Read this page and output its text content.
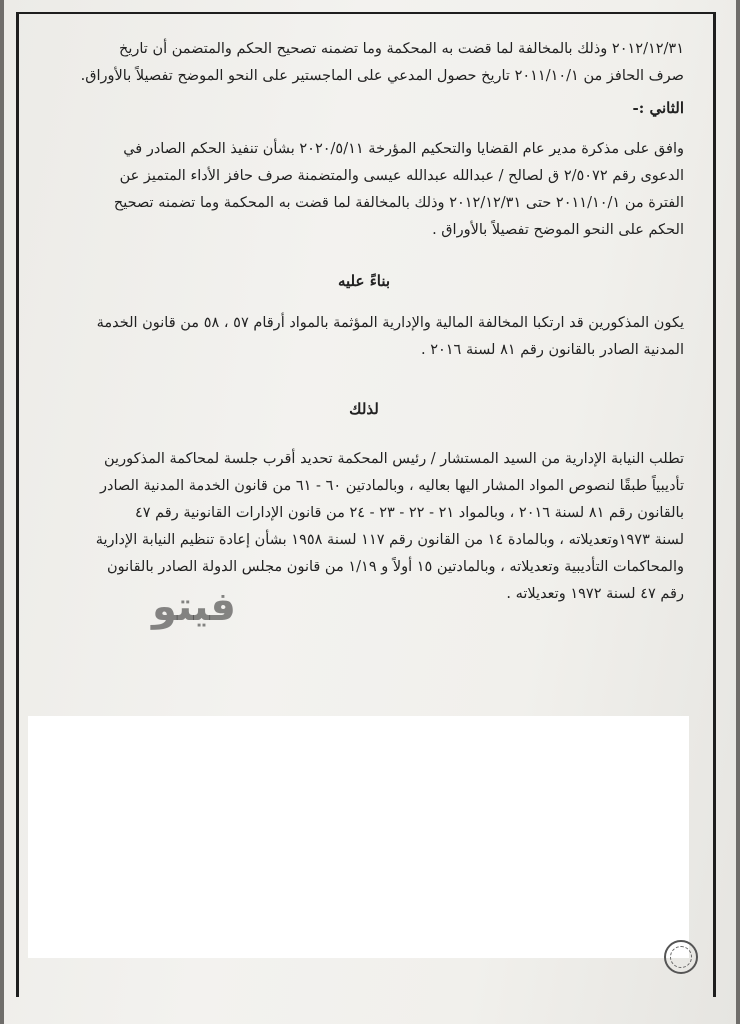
٢٠١٢/١٢/٣١ وذلك بالمخالفة لما قضت به المحكمة وما تضمنه تصحيح الحكم والمتضمن أن تاريخ
صرف الحافز من ٢٠١١/١٠/١ تاريخ حصول المدعي على الماجستير على النحو الموضح تفصيلاً بالأوراق.
الثاني :-
وافق على مذكرة مدير عام القضايا والتحكيم المؤرخة ٢٠٢٠/٥/١١ بشأن تنفيذ الحكم الصادر في
الدعوى رقم ٢/٥٠٧٢ ق لصالح / عبدالله عبدالله عيسى والمتضمنة صرف حافز الأداء المتميز عن
الفترة من ٢٠١١/١٠/١ حتى ٢٠١٢/١٢/٣١ وذلك بالمخالفة لما قضت به المحكمة وما تضمنه تصحيح
الحكم على النحو الموضح تفصيلاً بالأوراق .
بناءً عليه
يكون المذكورين قد ارتكبا المخالفة المالية والإدارية المؤثمة بالمواد أرقام ٥٧ ، ٥٨ من قانون الخدمة
المدنية الصادر بالقانون رقم ٨١ لسنة ٢٠١٦ .
لذلك
تطلب النيابة الإدارية من السيد المستشار / رئيس المحكمة تحديد أقرب جلسة لمحاكمة المذكورين
تأديبياً طبقًا لنصوص المواد المشار اليها بعاليه ، وبالمادتين ٦٠ - ٦١ من قانون الخدمة المدنية الصادر
بالقانون رقم ٨١ لسنة ٢٠١٦ ، وبالمواد ٢١ - ٢٢ - ٢٣ - ٢٤ من قانون الإدارات القانونية رقم ٤٧
لسنة ١٩٧٣وتعديلاته ، وبالمادة ١٤ من القانون رقم ١١٧ لسنة ١٩٥٨ بشأن إعادة تنظيم النيابة الإدارية
والمحاكمات التأديبية وتعديلاته ، وبالمادتين ١٥ أولاً و ١/١٩ من قانون مجلس الدولة الصادر بالقانون
رقم ٤٧ لسنة ١٩٧٢ وتعديلاته .
فيتو
